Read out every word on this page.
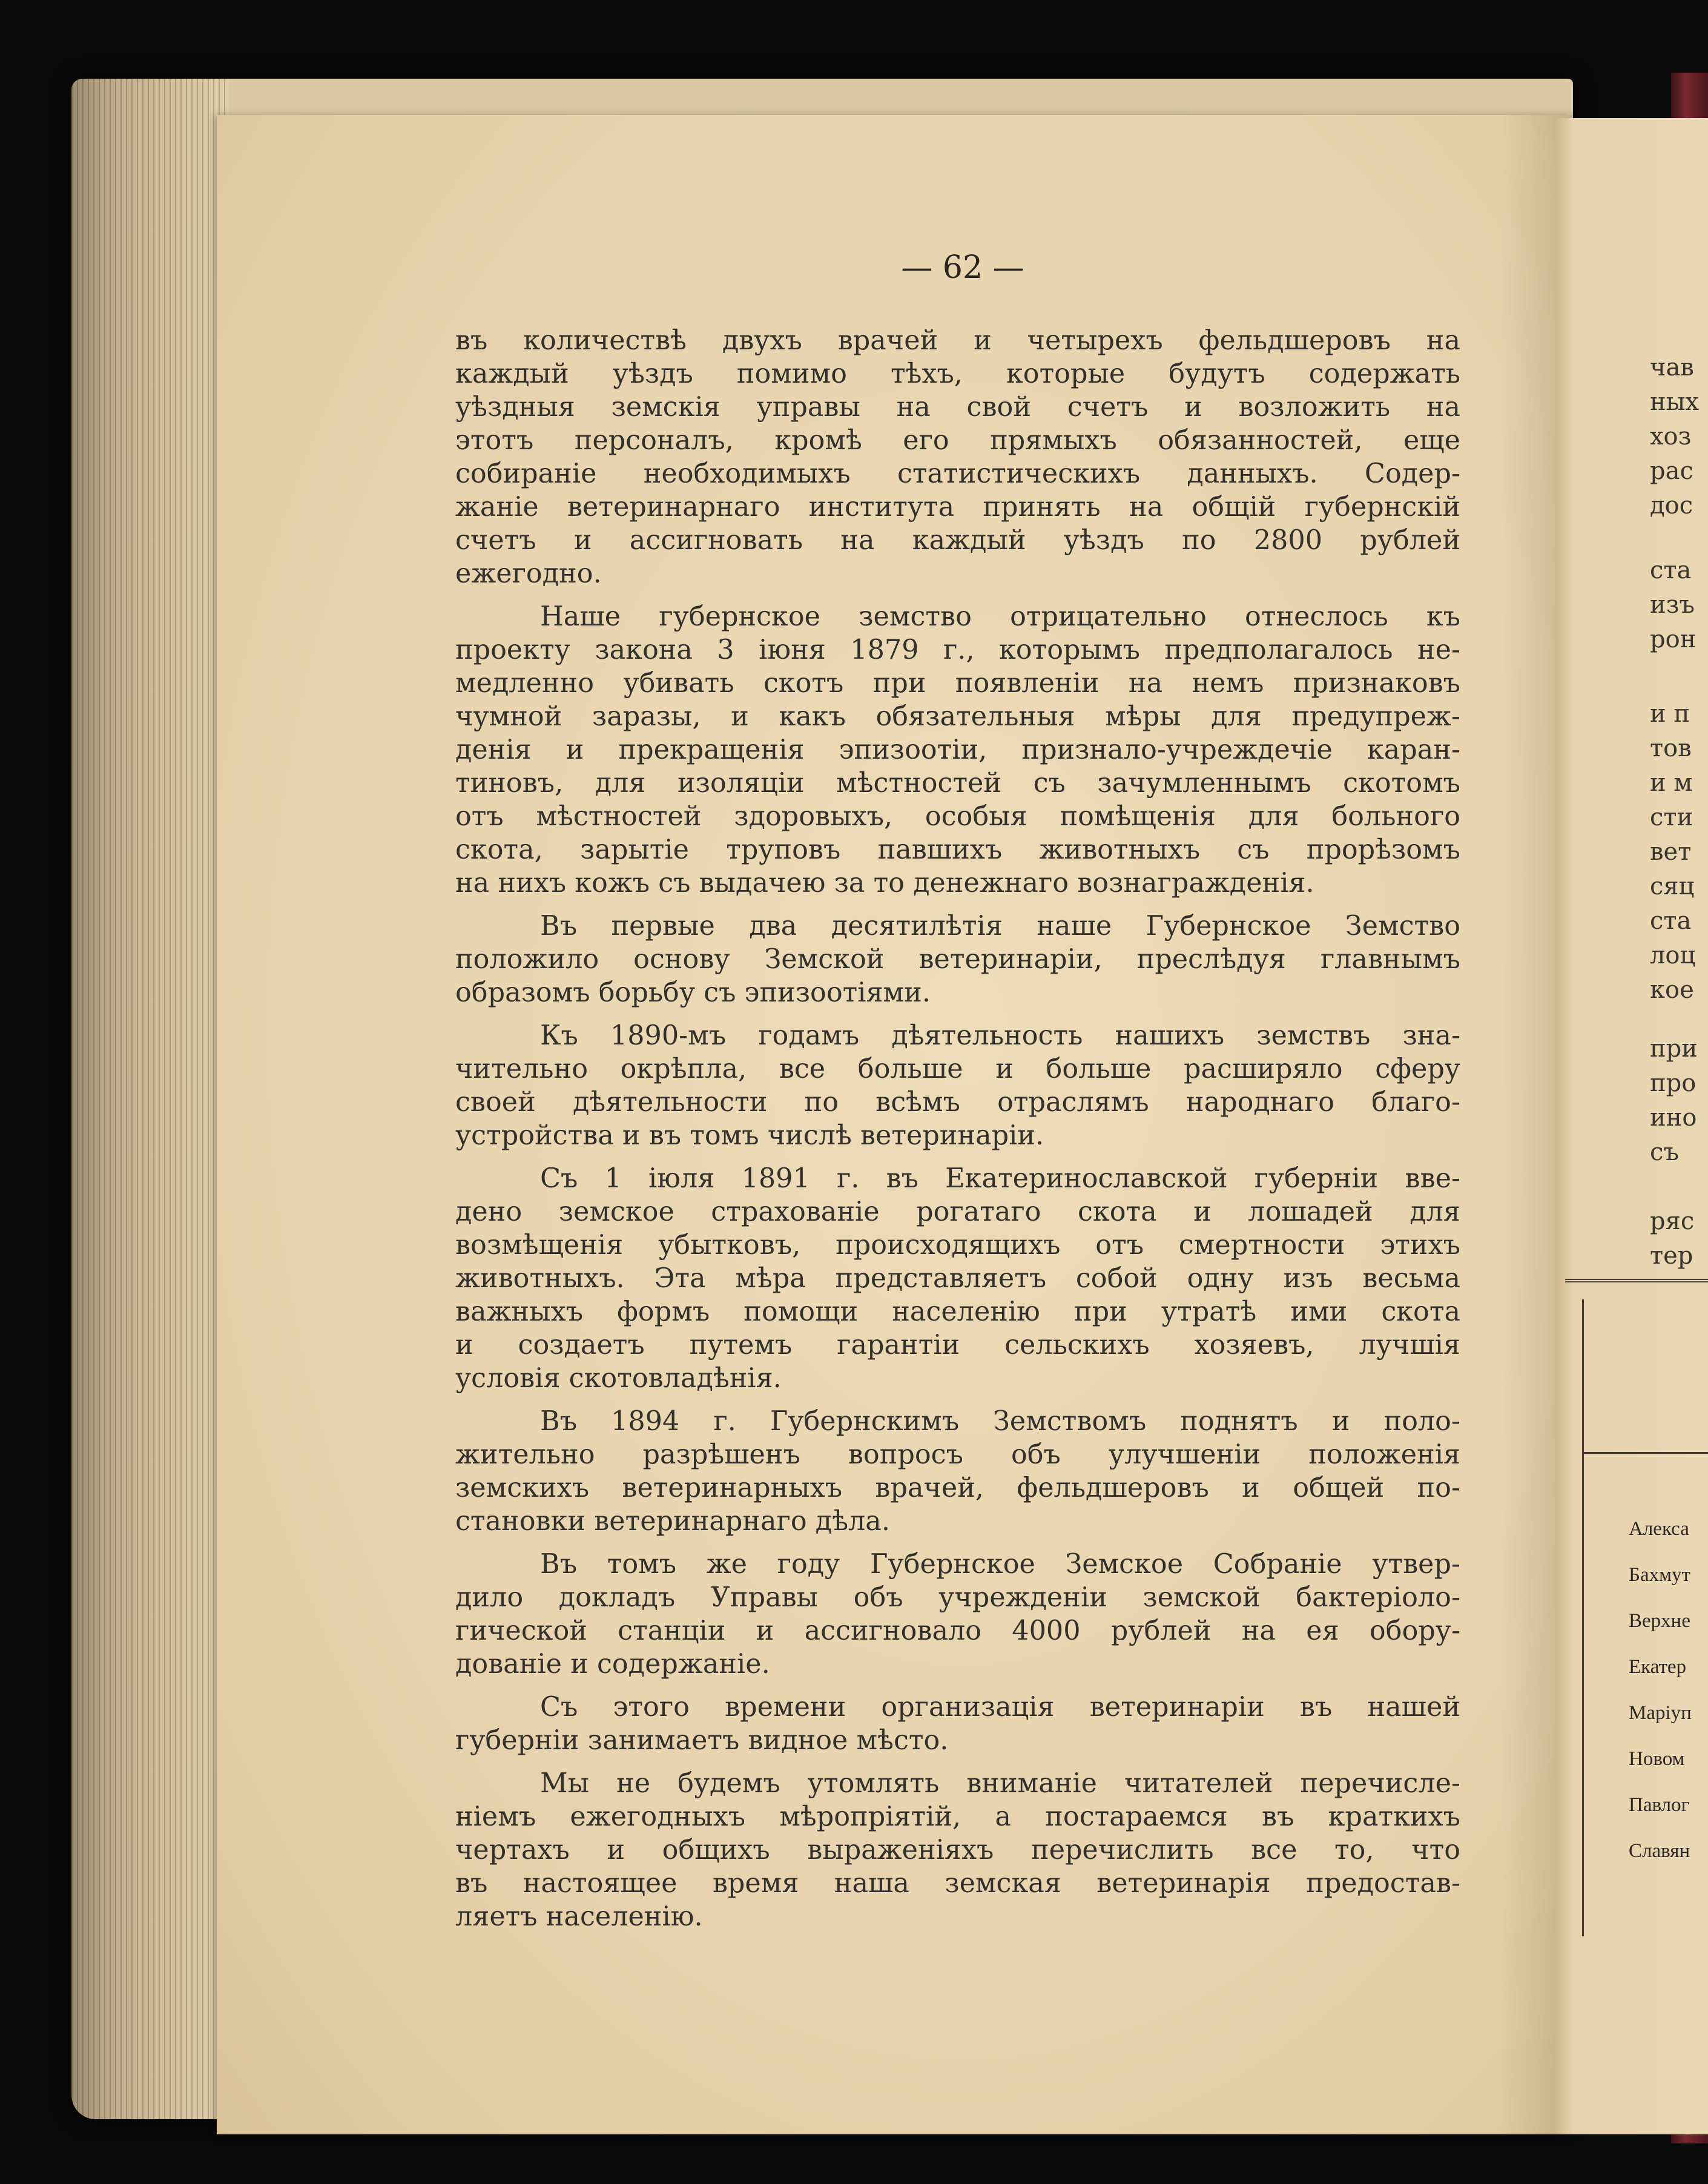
— 62 —
въ количествѣ двухъ врачей и четырехъ фельдшеровъ на
каждый уѣздъ помимо тѣхъ, которые будутъ содержать
уѣздныя земскія управы на свой счетъ и возложить на
этотъ персоналъ, кромѣ его прямыхъ обязанностей, еще
собираніе необходимыхъ статистическихъ данныхъ. Содер-
жаніе ветеринарнаго института принять на общій губернскій
счетъ и ассигновать на каждый уѣздъ по 2800 рублей
ежегодно.
Наше губернское земство отрицательно отнеслось къ
проекту закона 3 іюня 1879 г., которымъ предполагалось не-
медленно убивать скотъ при появленіи на немъ признаковъ
чумной заразы, и какъ обязательныя мѣры для предупреж-
денія и прекращенія эпизоотіи, признало-учреждечіе каран-
тиновъ, для изоляціи мѣстностей съ зачумленнымъ скотомъ
отъ мѣстностей здоровыхъ, особыя помѣщенія для больного
скота, зарытіе труповъ павшихъ животныхъ съ прорѣзомъ
на нихъ кожъ съ выдачею за то денежнаго вознагражденія.
Въ первые два десятилѣтія наше Губернское Земство
положило основу Земской ветеринаріи, преслѣдуя главнымъ
образомъ борьбу съ эпизоотіями.
Къ 1890-мъ годамъ дѣятельность нашихъ земствъ зна-
чительно окрѣпла, все больше и больше расширяло сферу
своей дѣятельности по всѣмъ отраслямъ народнаго благо-
устройства и въ томъ числѣ ветеринаріи.
Съ 1 іюля 1891 г. въ Екатеринославской губерніи вве-
дено земское страхованіе рогатаго скота и лошадей для
возмѣщенія убытковъ, происходящихъ отъ смертности этихъ
животныхъ. Эта мѣра представляетъ собой одну изъ весьма
важныхъ формъ помощи населенію при утратѣ ими скота
и создаетъ путемъ гарантіи сельскихъ хозяевъ, лучшія
условія скотовладѣнія.
Въ 1894 г. Губернскимъ Земствомъ поднятъ и поло-
жительно разрѣшенъ вопросъ объ улучшеніи положенія
земскихъ ветеринарныхъ врачей, фельдшеровъ и общей по-
становки ветеринарнаго дѣла.
Въ томъ же году Губернское Земское Собраніе утвер-
дило докладъ Управы объ учрежденіи земской бактеріоло-
гической станціи и ассигновало 4000 рублей на ея обору-
дованіе и содержаніе.
Съ этого времени организація ветеринаріи въ нашей
губерніи занимаетъ видное мѣсто.
Мы не будемъ утомлять вниманіе читателей перечисле-
ніемъ ежегодныхъ мѣропріятій, а постараемся въ краткихъ
чертахъ и общихъ выраженіяхъ перечислить все то, что
въ настоящее время наша земская ветеринарія предостав-
ляетъ населенію.
чав
ных
хоз
рас
дос
ста
изъ
рон
и п
тов
и м
сти
вет
сяц
ста
лоц
кое
при
про
ино
съ
ряс
тер
Алекса
Бахмут
Верхне
Екатер
Маріуп
Новом
Павлог
Славян
